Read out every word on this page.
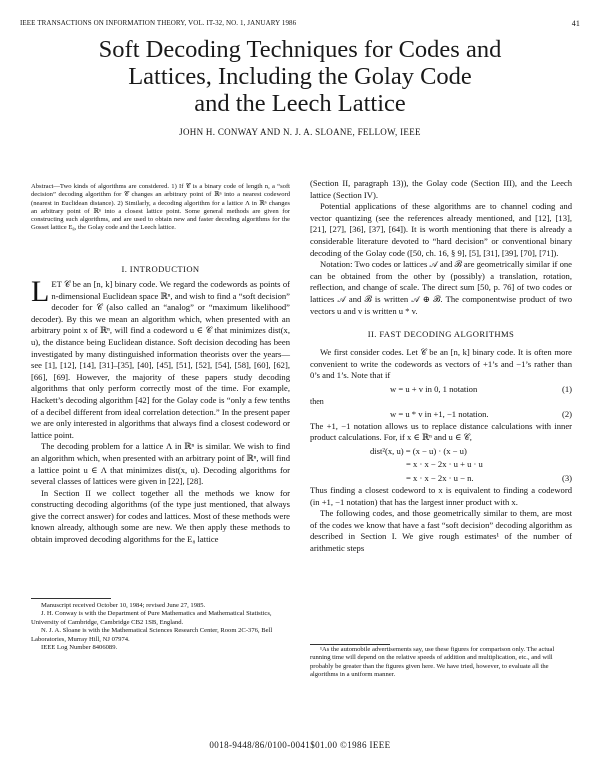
IEEE TRANSACTIONS ON INFORMATION THEORY, VOL. IT-32, NO. 1, JANUARY 1986	41
Soft Decoding Techniques for Codes and
Lattices, Including the Golay Code
and the Leech Lattice
JOHN H. CONWAY AND N. J. A. SLOANE, FELLOW, IEEE

Abstract—Two kinds of algorithms are considered. 1) If 𝒞 is a binary code of length n, a “soft decision” decoding algorithm for 𝒞 changes an arbitrary point of ℝⁿ into a nearest codeword (nearest in Euclidean distance). 2) Similarly, a decoding algorithm for a lattice Λ in ℝⁿ changes an arbitrary point of ℝⁿ into a closest lattice point. Some general methods are given for constructing such algorithms, and are used to obtain new and faster decoding algorithms for the Gosset lattice E₈, the Golay code and the Leech lattice.

I. INTRODUCTION

LET 𝒞 be an [n, k] binary code. We regard the codewords as points of n-dimensional Euclidean space ℝⁿ, and wish to find a “soft decision” decoder for 𝒞 (also called an “analog” or “maximum likelihood” decoder). By this we mean an algorithm which, when presented with an arbitrary point x of ℝⁿ, will find a codeword u ∈ 𝒞 that minimizes dist(x, u), the distance being Euclidean distance. Soft decision decoding has been investigated by many distinguished information theorists over the years—see [1], [12], [14], [31]–[35], [40], [45], [51], [52], [54], [58], [60], [62], [66], [69]. However, the majority of these papers study decoding algorithms that only perform correctly most of the time. For example, Hackett’s decoding algorithm [42] for the Golay code is “only a few tenths of a decibel different from ideal correlation detection.” In the present paper we are only interested in algorithms that always find a closest codeword or lattice point.

The decoding problem for a lattice Λ in ℝⁿ is similar. We wish to find an algorithm which, when presented with an arbitrary point of ℝⁿ, will find a lattice point u ∈ Λ that minimizes dist(x, u). Decoding algorithms for several classes of lattices were given in [22], [28].

In Section II we collect together all the methods we know for constructing decoding algorithms (of the type just mentioned, that always give the correct answer) for codes and lattices. Most of these methods were known already, although some are new. We then apply these methods to obtain improved decoding algorithms for the E₈ lattice

Manuscript received October 10, 1984; revised June 27, 1985.

J. H. Conway is with the Department of Pure Mathematics and Mathematical Statistics, University of Cambridge, Cambridge CB2 1SB, England.

N. J. A. Sloane is with the Mathematical Sciences Research Center, Room 2C-376, Bell Laboratories, Murray Hill, NJ 07974.

IEEE Log Number 8406089.

(Section II, paragraph 13)), the Golay code (Section III), and the Leech lattice (Section IV).

Potential applications of these algorithms are to channel coding and vector quantizing (see the references already mentioned, and [12], [13], [21], [27], [36], [37], [64]). It is worth mentioning that there is already a considerable literature devoted to “hard decision” or conventional binary decoding of the Golay code ([50, ch. 16, § 9], [5], [31], [39], [70], [71]).

Notation: Two codes or lattices 𝒜 and ℬ are geometrically similar if one can be obtained from the other by (possibly) a translation, rotation, reflection, and change of scale. The direct sum [50, p. 76] of two codes or lattices 𝒜 and ℬ is written 𝒜 ⊕ ℬ. The componentwise product of two vectors u and v is written u * v.

II. FAST DECODING ALGORITHMS

We first consider codes. Let 𝒞 be an [n, k] binary code. It is often more convenient to write the codewords as vectors of +1’s and −1’s rather than 0’s and 1’s. Note that if

w = u + v in 0, 1 notation	(1)
then
w = u * v in +1, −1 notation.	(2)

The +1, −1 notation allows us to replace distance calculations with inner product calculations. For, if x ∈ ℝⁿ and u ∈ 𝒞,

dist²(x, u) = (x − u) · (x − u)
= x · x − 2x · u + u · u
= x · x − 2x · u − n.	(3)

Thus finding a closest codeword to x is equivalent to finding a codeword (in +1, −1 notation) that has the largest inner product with x.

The following codes, and those geometrically similar to them, are most of the codes we know that have a fast “soft decision” decoding algorithm as described in Section I. We give rough estimates¹ of the number of arithmetic steps

¹As the automobile advertisements say, use these figures for comparison only. The actual running time will depend on the relative speeds of addition and multiplication, etc., and will probably be greater than the figures given here. We have tried, however, to evaluate all the algorithms in a uniform manner.

0018-9448/86/0100-0041$01.00 ©1986 IEEE
